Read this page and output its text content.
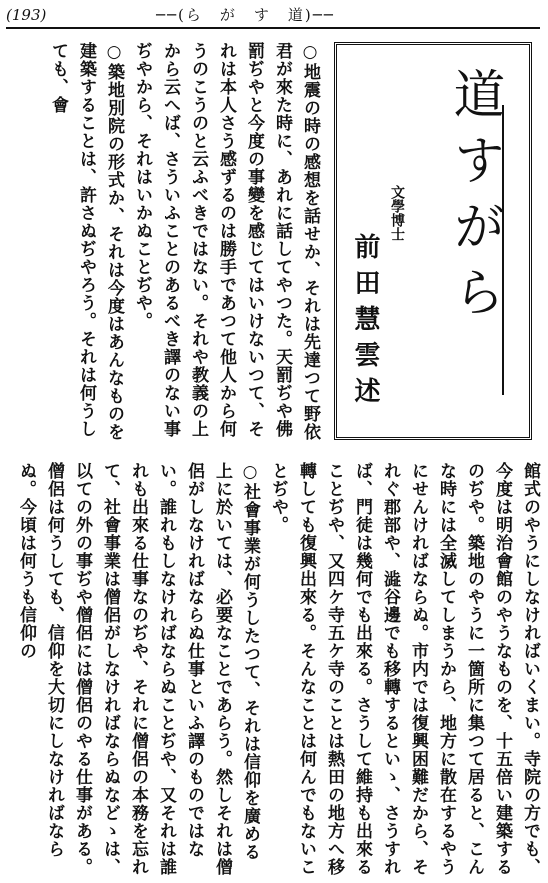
(193)	──(ら　が　す　道)──

○地震の時の感想を話せか、それは先達つて野依君が來た時に、あれに話してやつた。天罰ぢや佛罰ぢやと今度の事變を感じてはいけないつて、それは本人さう感ずるのは勝手であつて他人から何うのこうのと云ふべきではない。それや教義の上から云へば、さういふことのあるべき譯のない事ぢやから、それはいかぬことぢや。

○築地別院の形式か、それは今度はあんなものを建築することは、許さぬぢやろう。それは何うしても、會	道すがら
文學博士
前田慧雲述

館式のやうにしなければいくまい。寺院の方でも、今度は明治會館のやうなものを、十五倍い建築するのぢや。築地のやうに一箇所に集つて居ると、こんな時には全滅してしまうから、地方に散在するやうにせんければならぬ。市内では復興困難だから、それぐ郡部や、澁谷邊でも移轉するといゝ、さうすれば、門徒は幾何でも出來る。さうして維持も出來ることぢや、又四ケ寺五ケ寺のことは熱田の地方へ移轉しても復興出來る。そんなことは何んでもないことぢや。

○社會事業が何うしたつて、それは信仰を廣める上に於いては、必要なことであらう。然しそれは僧侶がしなければならぬ仕事といふ譯のものではない。誰れもしなければならぬことぢや、又それは誰れも出來る仕事なのぢや、それに僧侶の本務を忘れて、社會事業は僧侶がしなければならぬなどゝは、以ての外の事ぢや僧侶には僧侶のやる仕事がある。僧侶は何うしても、信仰を大切にしなければならぬ。今頃は何うも信仰の
